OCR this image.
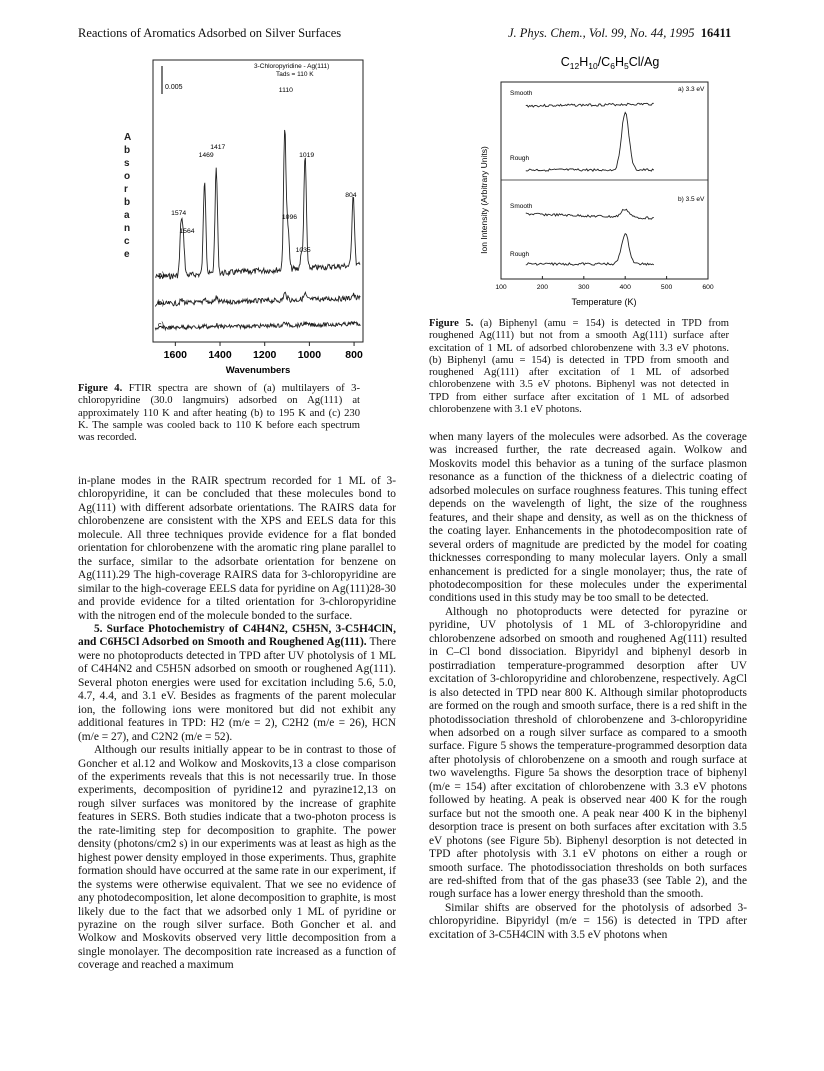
Reactions of Aromatics Adsorbed on Silver Surfaces	J. Phys. Chem., Vol. 99, No. 44, 1995 16411
A
b
s
o
r
b
a
n
c
e
0.005
3-Chloropyridine - Ag(111)
Tads = 110 K
a)
b)
c)
1110
1417
1469	1019
1574
1564
1096
1035
804
1600 1400 1200 1000 800
Wavenumbers
Figure 4. FTIR spectra are shown of (a) multilayers of 3-chloropyridine (30.0 langmuirs) adsorbed on Ag(111) at approximately 110 K and after heating (b) to 195 K and (c) 230 K. The sample was cooled back to 110 K before each spectrum was recorded.
$C_{12}H_{10}/C_6H_5Cl/Ag$
Ion Intensity (Arbitrary Units)
Smooth
a) 3.3 eV
Rough
Smooth
b) 3.5 eV
Rough
100	200	300	400	500	600
Temperature (K)
Figure 5. (a) Biphenyl (amu = 154) is detected in TPD from roughened Ag(111) but not from a smooth Ag(111) surface after excitation of 1 ML of adsorbed chlorobenzene with 3.3 eV photons. (b) Biphenyl (amu = 154) is detected in TPD from smooth and roughened Ag(111) after excitation of 1 ML of adsorbed chlorobenzene with 3.5 eV photons. Biphenyl was not detected in TPD from either surface after excitation of 1 ML of adsorbed chlorobenzene with 3.1 eV photons.

in-plane modes in the RAIR spectrum recorded for 1 ML of 3-chloropyridine, it can be concluded that these molecules bond to Ag(111) with different adsorbate orientations. The RAIRS data for chlorobenzene are consistent with the XPS and EELS data for this molecule. All three techniques provide evidence for a flat bonded orientation for chlorobenzene with the aromatic ring plane parallel to the surface, similar to the adsorbate orientation for benzene on Ag(111).29 The high-coverage RAIRS data for 3-chloropyridine are similar to the high-coverage EELS data for pyridine on Ag(111)28-30 and provide evidence for a tilted orientation for 3-chloropyridine with the nitrogen end of the molecule bonded to the surface.

5. Surface Photochemistry of C4H4N2, C5H5N, 3-C5H4ClN, and C6H5Cl Adsorbed on Smooth and Roughened Ag(111). There were no photoproducts detected in TPD after UV photolysis of 1 ML of C4H4N2 and C5H5N adsorbed on smooth or roughened Ag(111). Several photon energies were used for excitation including 5.6, 5.0, 4.7, 4.4, and 3.1 eV. Besides as fragments of the parent molecular ion, the following ions were monitored but did not exhibit any additional features in TPD: H2 (m/e = 2), C2H2 (m/e = 26), HCN (m/e = 27), and C2N2 (m/e = 52).

Although our results initially appear to be in contrast to those of Goncher et al.12 and Wolkow and Moskovits,13 a close comparison of the experiments reveals that this is not necessarily true. In those experiments, decomposition of pyridine12 and pyrazine12,13 on rough silver surfaces was monitored by the increase of graphite features in SERS. Both studies indicate that a two-photon process is the rate-limiting step for decomposition to graphite. The power density (photons/cm2 s) in our experiments was at least as high as the highest power density employed in those experiments. Thus, graphite formation should have occurred at the same rate in our experiment, if the systems were otherwise equivalent. That we see no evidence of any photodecomposition, let alone decomposition to graphite, is most likely due to the fact that we adsorbed only 1 ML of pyridine or pyrazine on the rough silver surface. Both Goncher et al. and Wolkow and Moskovits observed very little decomposition from a single monolayer. The decomposition rate increased as a function of coverage and reached a maximum

when many layers of the molecules were adsorbed. As the coverage was increased further, the rate decreased again. Wolkow and Moskovits model this behavior as a tuning of the surface plasmon resonance as a function of the thickness of a dielectric coating of adsorbed molecules on surface roughness features. This tuning effect depends on the wavelength of light, the size of the roughness features, and their shape and density, as well as on the thickness of the coating layer. Enhancements in the photodecomposition rate of several orders of magnitude are predicted by the model for coating thicknesses corresponding to many molecular layers. Only a small enhancement is predicted for a single monolayer; thus, the rate of photodecomposition for these molecules under the experimental conditions used in this study may be too small to be detected.

Although no photoproducts were detected for pyrazine or pyridine, UV photolysis of 1 ML of 3-chloropyridine and chlorobenzene adsorbed on smooth and roughened Ag(111) resulted in C–Cl bond dissociation. Bipyridyl and biphenyl desorb in postirradiation temperature-programmed desorption after UV excitation of 3-chloropyridine and chlorobenzene, respectively. AgCl is also detected in TPD near 800 K. Although similar photoproducts are formed on the rough and smooth surface, there is a red shift in the photodissociation threshold of chlorobenzene and 3-chloropyridine when adsorbed on a rough silver surface as compared to a smooth surface. Figure 5 shows the temperature-programmed desorption data after photolysis of chlorobenzene on a smooth and rough surface at two wavelengths. Figure 5a shows the desorption trace of biphenyl (m/e = 154) after excitation of chlorobenzene with 3.3 eV photons followed by heating. A peak is observed near 400 K for the rough surface but not the smooth one. A peak near 400 K in the biphenyl desorption trace is present on both surfaces after excitation with 3.5 eV photons (see Figure 5b). Biphenyl desorption is not detected in TPD after photolysis with 3.1 eV photons on either a rough or smooth surface. The photodissociation thresholds on both surfaces are red-shifted from that of the gas phase33 (see Table 2), and the rough surface has a lower energy threshold than the smooth.

Similar shifts are observed for the photolysis of adsorbed 3-chloropyridine. Bipyridyl (m/e = 156) is detected in TPD after excitation of 3-C5H4ClN with 3.5 eV photons when
